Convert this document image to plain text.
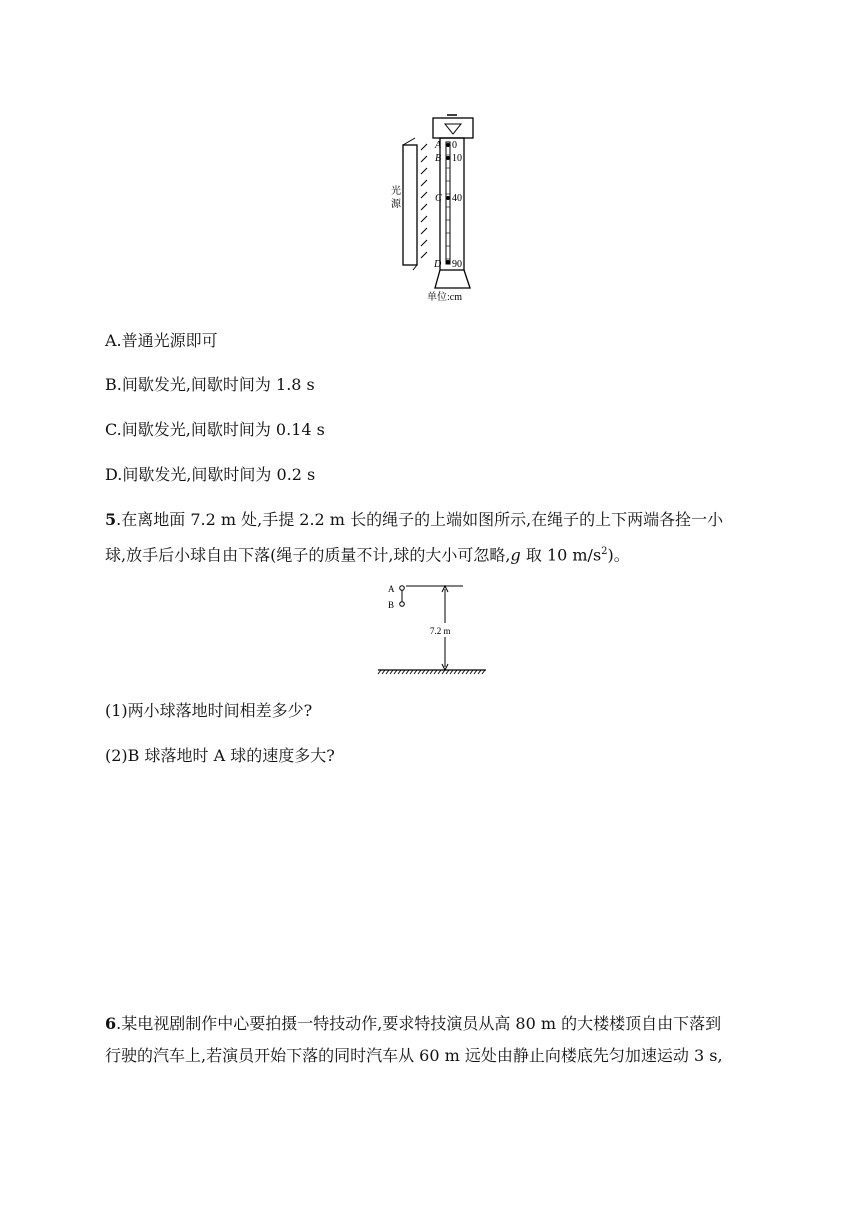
光
源
A
B
C
D
0
10
40
90
单位:cm
A.普通光源即可
B.间歇发光,间歇时间为 1.8 s
C.间歇发光,间歇时间为 0.14 s
D.间歇发光,间歇时间为 0.2 s
5.在离地面 7.2 m 处,手提 2.2 m 长的绳子的上端如图所示,在绳子的上下两端各拴一小
球,放手后小球自由下落(绳子的质量不计,球的大小可忽略,g 取 10 $m/s^2$)。
A
B
7.2 m
(1)两小球落地时间相差多少?
(2)B 球落地时 A 球的速度多大?
6.某电视剧制作中心要拍摄一特技动作,要求特技演员从高 80 m 的大楼楼顶自由下落到
行驶的汽车上,若演员开始下落的同时汽车从 60 m 远处由静止向楼底先匀加速运动 3 s,
